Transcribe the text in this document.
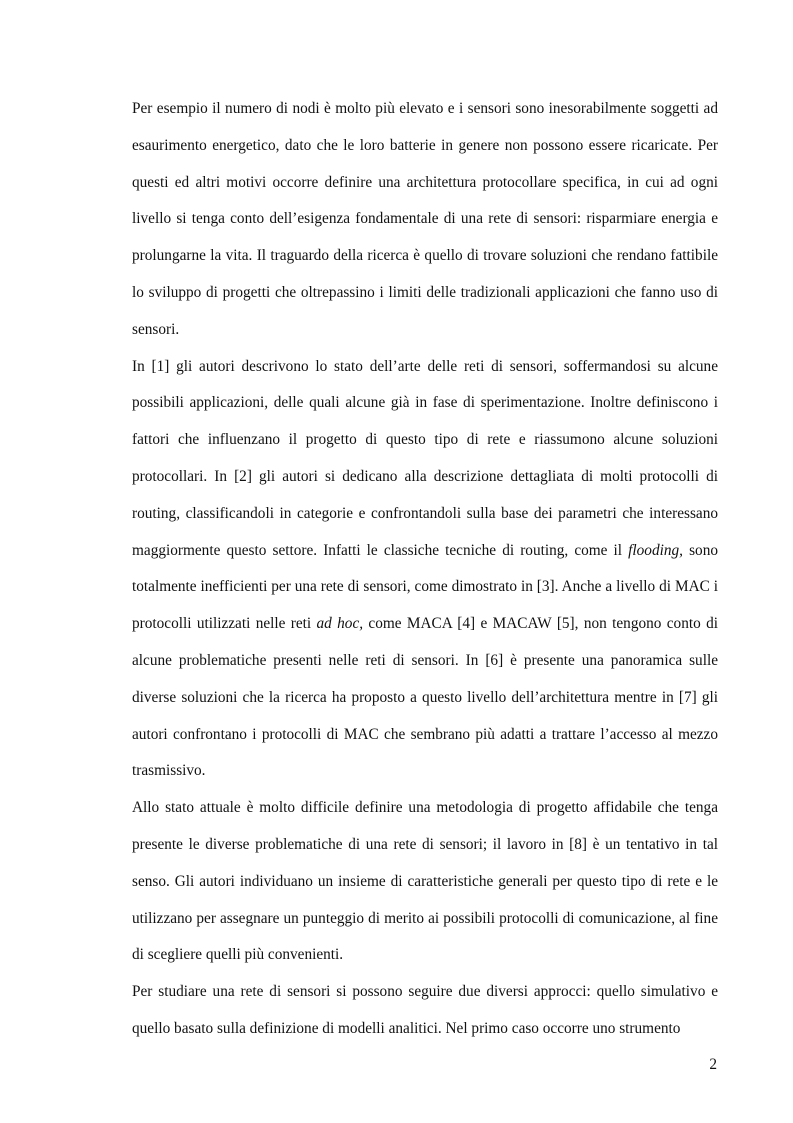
Per esempio il numero di nodi è molto più elevato e i sensori sono inesorabilmente soggetti ad esaurimento energetico, dato che le loro batterie in genere non possono essere ricaricate. Per questi ed altri motivi occorre definire una architettura protocollare specifica, in cui ad ogni livello si tenga conto dell’esigenza fondamentale di una rete di sensori: risparmiare energia e prolungarne la vita. Il traguardo della ricerca è quello di trovare soluzioni che rendano fattibile lo sviluppo di progetti che oltrepassino i limiti delle tradizionali applicazioni che fanno uso di sensori.

In [1] gli autori descrivono lo stato dell’arte delle reti di sensori, soffermandosi su alcune possibili applicazioni, delle quali alcune già in fase di sperimentazione. Inoltre definiscono i fattori che influenzano il progetto di questo tipo di rete e riassumono alcune soluzioni protocollari. In [2] gli autori si dedicano alla descrizione dettagliata di molti protocolli di routing, classificandoli in categorie e confrontandoli sulla base dei parametri che interessano maggiormente questo settore. Infatti le classiche tecniche di routing, come il flooding, sono totalmente inefficienti per una rete di sensori, come dimostrato in [3]. Anche a livello di MAC i protocolli utilizzati nelle reti ad hoc, come MACA [4] e MACAW [5], non tengono conto di alcune problematiche presenti nelle reti di sensori. In [6] è presente una panoramica sulle diverse soluzioni che la ricerca ha proposto a questo livello dell’architettura mentre in [7] gli autori confrontano i protocolli di MAC che sembrano più adatti a trattare l’accesso al mezzo trasmissivo.

Allo stato attuale è molto difficile definire una metodologia di progetto affidabile che tenga presente le diverse problematiche di una rete di sensori; il lavoro in [8] è un tentativo in tal senso. Gli autori individuano un insieme di caratteristiche generali per questo tipo di rete e le utilizzano per assegnare un punteggio di merito ai possibili protocolli di comunicazione, al fine di scegliere quelli più convenienti.

Per studiare una rete di sensori si possono seguire due diversi approcci: quello simulativo e quello basato sulla definizione di modelli analitici. Nel primo caso occorre uno strumento

2
